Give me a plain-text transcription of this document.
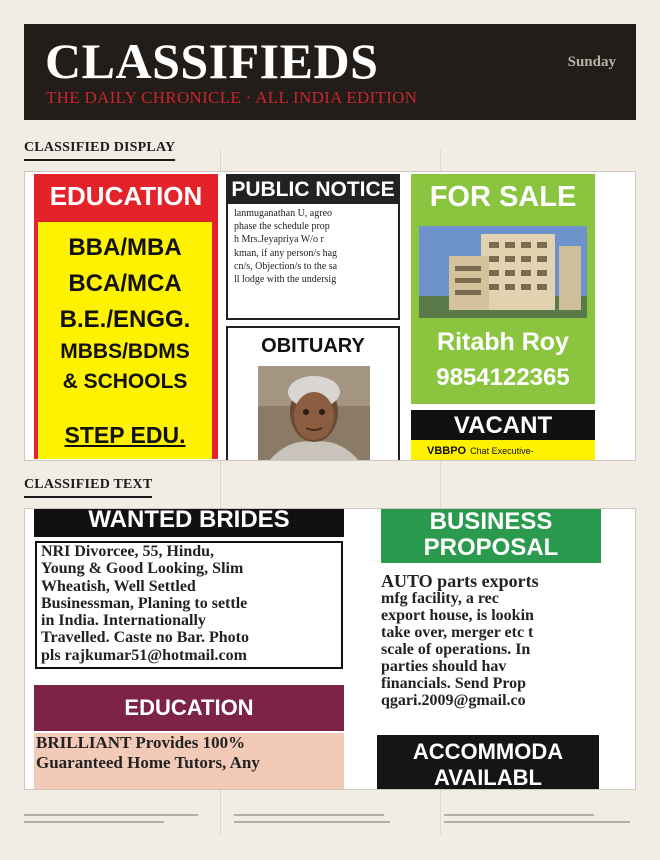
CLASSIFIEDS
THE DAILY CHRONICLE · ALL INDIA EDITION
Sunday
CLASSIFIED DISPLAY
EDUCATION
BBA/MBA
BCA/MCA
B.E./ENGG.
MBBS/BDMS
& SCHOOLS
STEP EDU.
PUBLIC NOTICE
lanmuganathan U, agreo
phase the schedule prop
h Mrs.Jeyapriya W/o r
kman, if any person/s hag
cn/s, Objection/s to the sa
ll lodge with the undersig
OBITUARY
FOR SALE
Ritabh Roy
9854122365
VACANT
VBBPO Chat Executive-
CLASSIFIED TEXT
WANTED BRIDES
NRI Divorcee, 55, Hindu,
Young & Good Looking, Slim
Wheatish, Well Settled
Businessman, Planing to settle
in India. Internationally
Travelled. Caste no Bar. Photo
pls rajkumar51@hotmail.com
EDUCATION
BRILLIANT Provides 100%
Guaranteed Home Tutors, Any
BUSINESS
PROPOSAL
AUTO parts exports
mfg facility, a rec
export house, is lookin
take over, merger etc t
scale of operations. In
parties should hav
financials. Send Prop
qgari.2009@gmail.co
ACCOMMODA
AVAILABL
